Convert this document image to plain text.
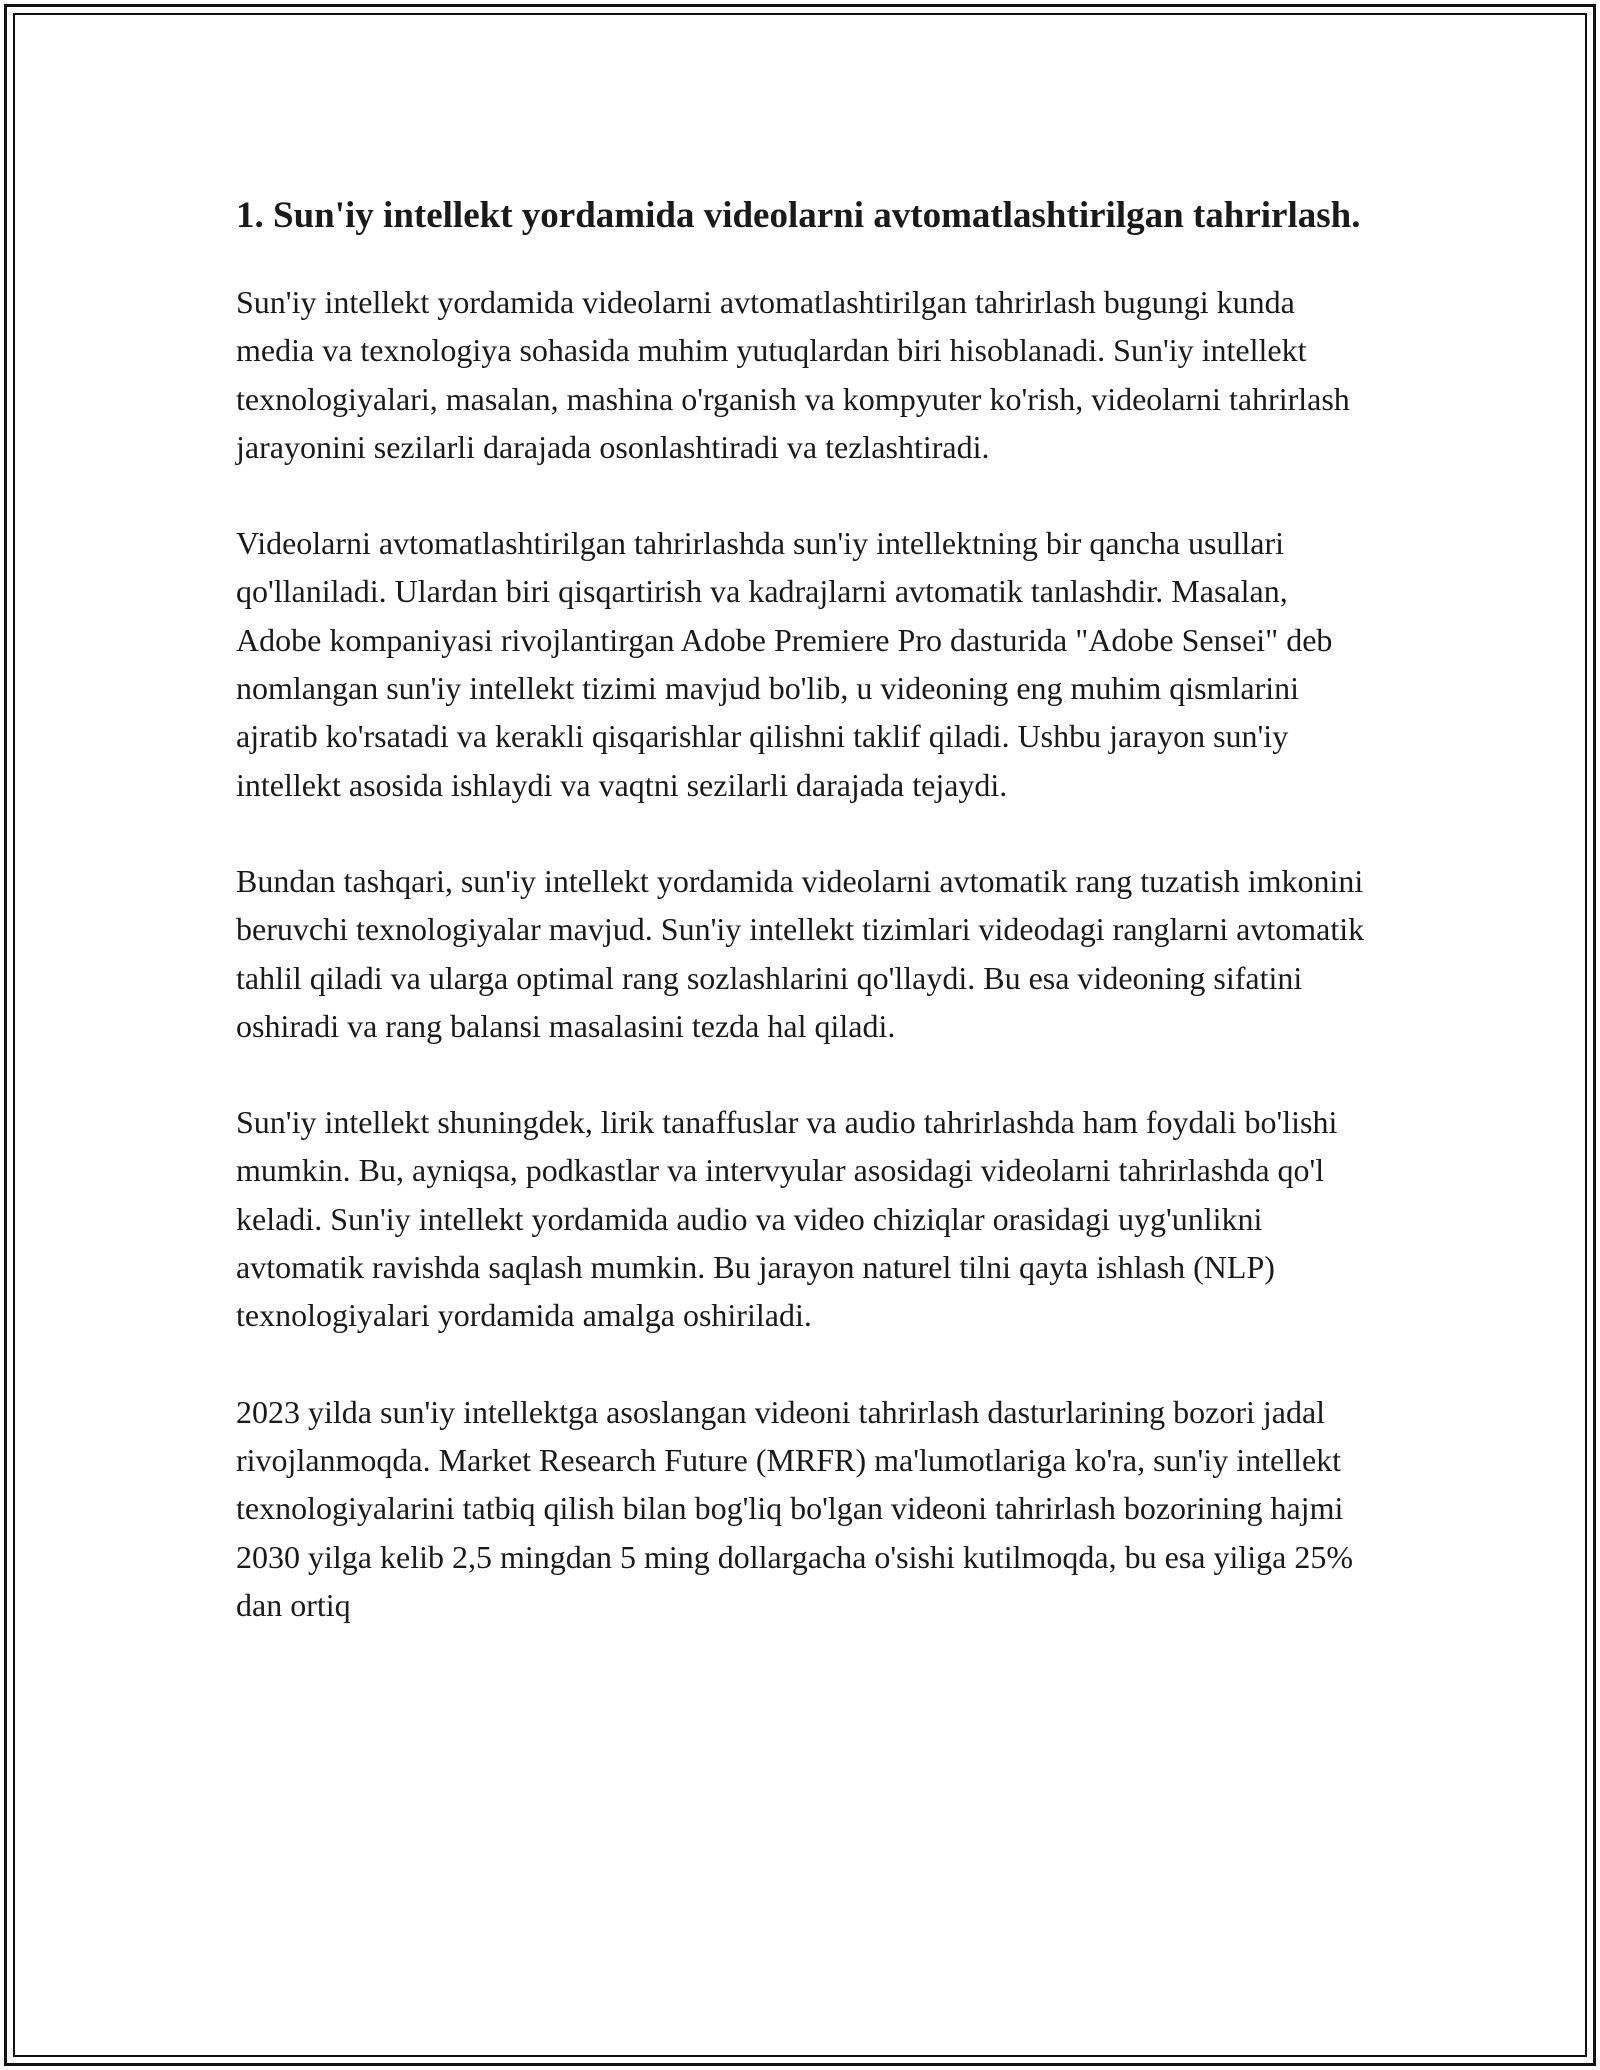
1. Sun'iy intellekt yordamida videolarni avtomatlashtirilgan tahrirlash.

Sun'iy intellekt yordamida videolarni avtomatlashtirilgan tahrirlash bugungi kunda media va texnologiya sohasida muhim yutuqlardan biri hisoblanadi. Sun'iy intellekt texnologiyalari, masalan, mashina o'rganish va kompyuter ko'rish, videolarni tahrirlash jarayonini sezilarli darajada osonlashtiradi va tezlashtiradi.

Videolarni avtomatlashtirilgan tahrirlashda sun'iy intellektning bir qancha usullari qo'llaniladi. Ulardan biri qisqartirish va kadrajlarni avtomatik tanlashdir. Masalan, Adobe kompaniyasi rivojlantirgan Adobe Premiere Pro dasturida "Adobe Sensei" deb nomlangan sun'iy intellekt tizimi mavjud bo'lib, u videoning eng muhim qismlarini ajratib ko'rsatadi va kerakli qisqarishlar qilishni taklif qiladi. Ushbu jarayon sun'iy intellekt asosida ishlaydi va vaqtni sezilarli darajada tejaydi.

Bundan tashqari, sun'iy intellekt yordamida videolarni avtomatik rang tuzatish imkonini beruvchi texnologiyalar mavjud. Sun'iy intellekt tizimlari videodagi ranglarni avtomatik tahlil qiladi va ularga optimal rang sozlashlarini qo'llaydi. Bu esa videoning sifatini oshiradi va rang balansi masalasini tezda hal qiladi.

Sun'iy intellekt shuningdek, lirik tanaffuslar va audio tahrirlashda ham foydali bo'lishi mumkin. Bu, ayniqsa, podkastlar va intervyular asosidagi videolarni tahrirlashda qo'l keladi. Sun'iy intellekt yordamida audio va video chiziqlar orasidagi uyg'unlikni avtomatik ravishda saqlash mumkin. Bu jarayon naturel tilni qayta ishlash (NLP) texnologiyalari yordamida amalga oshiriladi.

2023 yilda sun'iy intellektga asoslangan videoni tahrirlash dasturlarining bozori jadal rivojlanmoqda. Market Research Future (MRFR) ma'lumotlariga ko'ra, sun'iy intellekt texnologiyalarini tatbiq qilish bilan bog'liq bo'lgan videoni tahrirlash bozorining hajmi 2030 yilga kelib 2,5 mingdan 5 ming dollargacha o'sishi kutilmoqda, bu esa yiliga 25% dan ortiq
